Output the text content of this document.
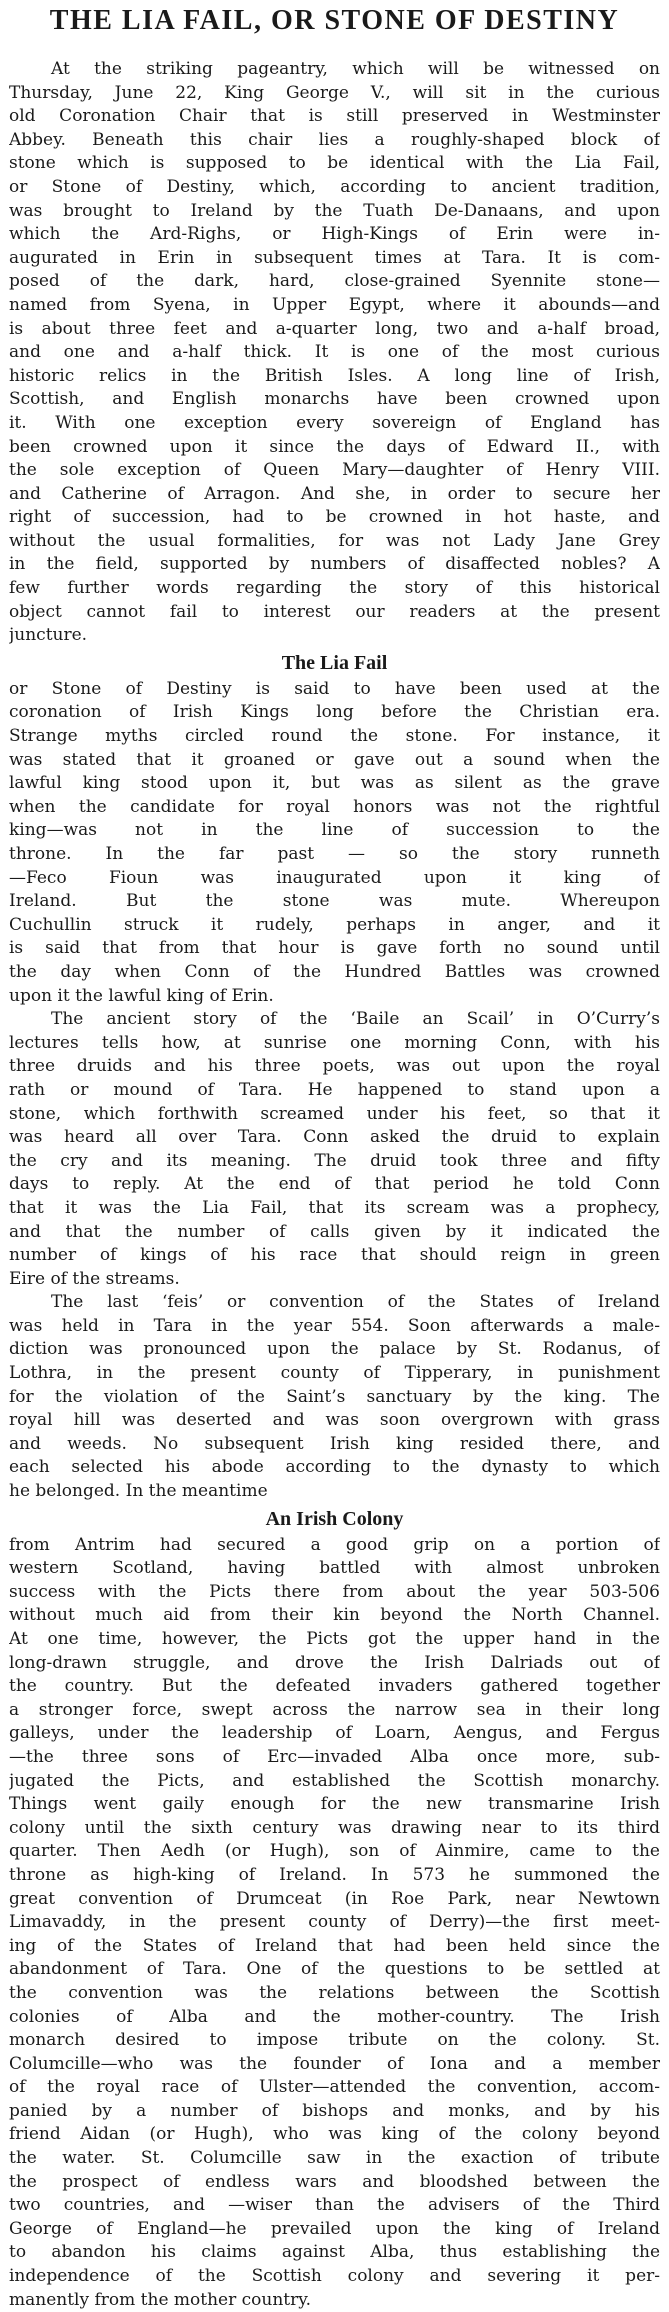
THE LIA FAIL, OR STONE OF DESTINY
At the striking pageantry, which will be witnessed on
Thursday, June 22, King George V., will sit in the curious
old Coronation Chair that is still preserved in Westminster
Abbey. Beneath this chair lies a roughly-shaped block of
stone which is supposed to be identical with the Lia Fail,
or Stone of Destiny, which, according to ancient tradition,
was brought to Ireland by the Tuath De-Danaans, and upon
which the Ard-Righs, or High-Kings of Erin were in-
augurated in Erin in subsequent times at Tara. It is com-
posed of the dark, hard, close-grained Syennite stone—
named from Syena, in Upper Egypt, where it abounds—and
is about three feet and a-quarter long, two and a-half broad,
and one and a-half thick. It is one of the most curious
historic relics in the British Isles. A long line of Irish,
Scottish, and English monarchs have been crowned upon
it. With one exception every sovereign of England has
been crowned upon it since the days of Edward II., with
the sole exception of Queen Mary—daughter of Henry VIII.
and Catherine of Arragon. And she, in order to secure her
right of succession, had to be crowned in hot haste, and
without the usual formalities, for was not Lady Jane Grey
in the field, supported by numbers of disaffected nobles? A
few further words regarding the story of this historical
object cannot fail to interest our readers at the present
juncture.
The Lia Fail
or Stone of Destiny is said to have been used at the
coronation of Irish Kings long before the Christian era.
Strange myths circled round the stone. For instance, it
was stated that it groaned or gave out a sound when the
lawful king stood upon it, but was as silent as the grave
when the candidate for royal honors was not the rightful
king—was not in the line of succession to the
throne. In the far past — so the story runneth
—Feco Fioun was inaugurated upon it king of
Ireland. But the stone was mute. Whereupon
Cuchullin struck it rudely, perhaps in anger, and it
is said that from that hour is gave forth no sound until
the day when Conn of the Hundred Battles was crowned
upon it the lawful king of Erin.
The ancient story of the ‘Baile an Scail’ in O’Curry’s
lectures tells how, at sunrise one morning Conn, with his
three druids and his three poets, was out upon the royal
rath or mound of Tara. He happened to stand upon a
stone, which forthwith screamed under his feet, so that it
was heard all over Tara. Conn asked the druid to explain
the cry and its meaning. The druid took three and fifty
days to reply. At the end of that period he told Conn
that it was the Lia Fail, that its scream was a prophecy,
and that the number of calls given by it indicated the
number of kings of his race that should reign in green
Eire of the streams.
The last ‘feis’ or convention of the States of Ireland
was held in Tara in the year 554. Soon afterwards a male-
diction was pronounced upon the palace by St. Rodanus, of
Lothra, in the present county of Tipperary, in punishment
for the violation of the Saint’s sanctuary by the king. The
royal hill was deserted and was soon overgrown with grass
and weeds. No subsequent Irish king resided there, and
each selected his abode according to the dynasty to which
he belonged. In the meantime
An Irish Colony
from Antrim had secured a good grip on a portion of
western Scotland, having battled with almost unbroken
success with the Picts there from about the year 503-506
without much aid from their kin beyond the North Channel.
At one time, however, the Picts got the upper hand in the
long-drawn struggle, and drove the Irish Dalriads out of
the country. But the defeated invaders gathered together
a stronger force, swept across the narrow sea in their long
galleys, under the leadership of Loarn, Aengus, and Fergus
—the three sons of Erc—invaded Alba once more, sub-
jugated the Picts, and established the Scottish monarchy.
Things went gaily enough for the new transmarine Irish
colony until the sixth century was drawing near to its third
quarter. Then Aedh (or Hugh), son of Ainmire, came to the
throne as high-king of Ireland. In 573 he summoned the
great convention of Drumceat (in Roe Park, near Newtown
Limavaddy, in the present county of Derry)—the first meet-
ing of the States of Ireland that had been held since the
abandonment of Tara. One of the questions to be settled at
the convention was the relations between the Scottish
colonies of Alba and the mother-country. The Irish
monarch desired to impose tribute on the colony. St.
Columcille—who was the founder of Iona and a member
of the royal race of Ulster—attended the convention, accom-
panied by a number of bishops and monks, and by his
friend Aidan (or Hugh), who was king of the colony beyond
the water. St. Columcille saw in the exaction of tribute
the prospect of endless wars and bloodshed between the
two countries, and —wiser than the advisers of the Third
George of England—he prevailed upon the king of Ireland
to abandon his claims against Alba, thus establishing the
independence of the Scottish colony and severing it per-
manently from the mother country.
